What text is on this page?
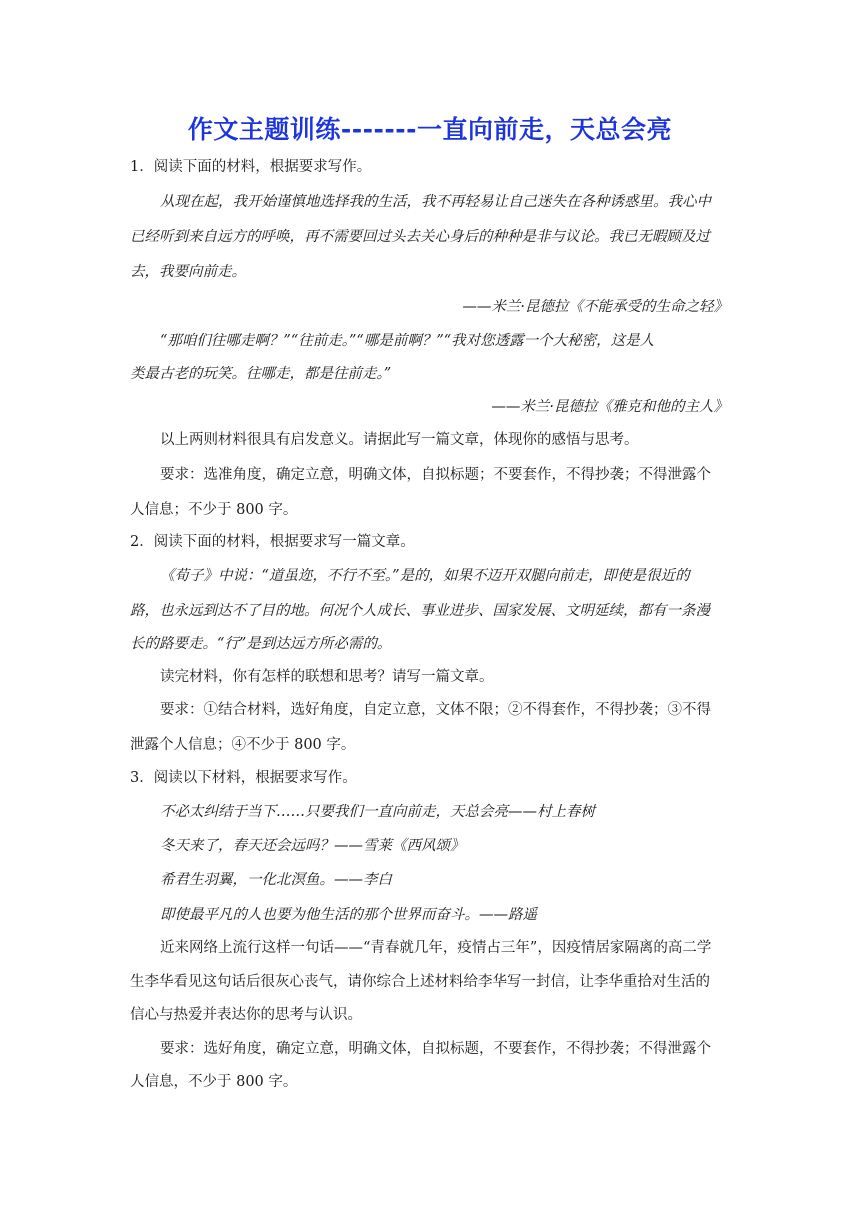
作文主题训练-------一直向前走，天总会亮
1．阅读下面的材料，根据要求写作。
从现在起，我开始谨慎地选择我的生活，我不再轻易让自己迷失在各种诱惑里。我心中
已经听到来自远方的呼唤，再不需要回过头去关心身后的种种是非与议论。我已无暇顾及过
去，我要向前走。
——米兰·昆德拉《不能承受的生命之轻》
“那咱们往哪走啊？”“往前走。”“哪是前啊？”“我对您透露一个大秘密，这是人
类最古老的玩笑。往哪走，都是往前走。”
——米兰·昆德拉《雅克和他的主人》
以上两则材料很具有启发意义。请据此写一篇文章，体现你的感悟与思考。
要求：选准角度，确定立意，明确文体，自拟标题；不要套作，不得抄袭；不得泄露个
人信息；不少于 800 字。
2．阅读下面的材料，根据要求写一篇文章。
《荀子》中说：“道虽迩，不行不至。”是的，如果不迈开双腿向前走，即使是很近的
路，也永远到达不了目的地。何况个人成长、事业进步、国家发展、文明延续，都有一条漫
长的路要走。“行”是到达远方所必需的。
读完材料，你有怎样的联想和思考？请写一篇文章。
要求：①结合材料，选好角度，自定立意，文体不限；②不得套作，不得抄袭；③不得
泄露个人信息；④不少于 800 字。
3．阅读以下材料，根据要求写作。
不必太纠结于当下……只要我们一直向前走，天总会亮——村上春树
冬天来了，春天还会远吗？——雪莱《西风颂》
希君生羽翼，一化北溟鱼。——李白
即使最平凡的人也要为他生活的那个世界而奋斗。——路遥
近来网络上流行这样一句话——“青春就几年，疫情占三年”，因疫情居家隔离的高二学
生李华看见这句话后很灰心丧气，请你综合上述材料给李华写一封信，让李华重拾对生活的
信心与热爱并表达你的思考与认识。
要求：选好角度，确定立意，明确文体，自拟标题，不要套作，不得抄袭；不得泄露个
人信息，不少于 800 字。
